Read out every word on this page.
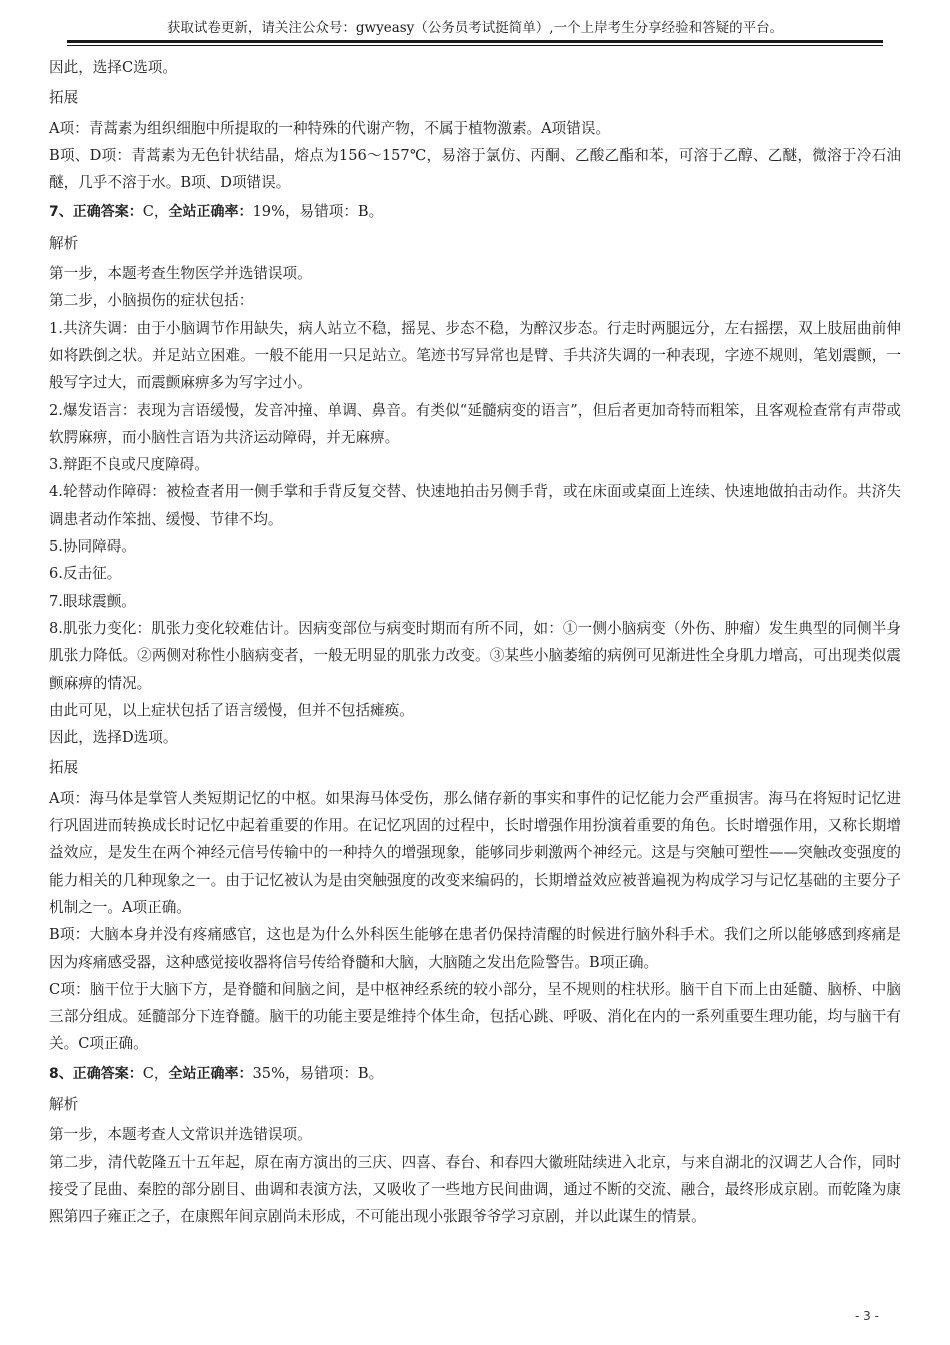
获取试卷更新，请关注公众号：gwyeasy（公务员考试挺简单）,一个上岸考生分享经验和答疑的平台。

因此，选择C选项。

拓展

A项：青蒿素为组织细胞中所提取的一种特殊的代谢产物，不属于植物激素。A项错误。

B项、D项：青蒿素为无色针状结晶，熔点为156～157℃，易溶于氯仿、丙酮、乙酸乙酯和苯，可溶于乙醇、乙醚，微溶于冷石油醚，几乎不溶于水。B项、D项错误。

7、正确答案：C，全站正确率：19%，易错项：B。

解析

第一步，本题考查生物医学并选错误项。

第二步，小脑损伤的症状包括：

1.共济失调：由于小脑调节作用缺失，病人站立不稳，摇晃、步态不稳，为醉汉步态。行走时两腿远分，左右摇摆，双上肢屈曲前伸如将跌倒之状。并足站立困难。一般不能用一只足站立。笔迹书写异常也是臂、手共济失调的一种表现，字迹不规则，笔划震颤，一般写字过大，而震颤麻痹多为写字过小。

2.爆发语言：表现为言语缓慢，发音冲撞、单调、鼻音。有类似“延髓病变的语言”，但后者更加奇特而粗笨，且客观检查常有声带或软腭麻痹，而小脑性言语为共济运动障碍，并无麻痹。

3.辩距不良或尺度障碍。

4.轮替动作障碍：被检查者用一侧手掌和手背反复交替、快速地拍击另侧手背，或在床面或桌面上连续、快速地做拍击动作。共济失调患者动作笨拙、缓慢、节律不均。

5.协同障碍。

6.反击征。

7.眼球震颤。

8.肌张力变化：肌张力变化较难估计。因病变部位与病变时期而有所不同，如：①一侧小脑病变（外伤、肿瘤）发生典型的同侧半身肌张力降低。②两侧对称性小脑病变者，一般无明显的肌张力改变。③某些小脑萎缩的病例可见渐进性全身肌力增高，可出现类似震颤麻痹的情况。

由此可见，以上症状包括了语言缓慢，但并不包括瘫痪。

因此，选择D选项。

拓展

A项：海马体是掌管人类短期记忆的中枢。如果海马体受伤，那么储存新的事实和事件的记忆能力会严重损害。海马在将短时记忆进行巩固进而转换成长时记忆中起着重要的作用。在记忆巩固的过程中，长时增强作用扮演着重要的角色。长时增强作用，又称长期增益效应，是发生在两个神经元信号传输中的一种持久的增强现象，能够同步刺激两个神经元。这是与突触可塑性——突触改变强度的能力相关的几种现象之一。由于记忆被认为是由突触强度的改变来编码的，长期增益效应被普遍视为构成学习与记忆基础的主要分子机制之一。A项正确。

B项：大脑本身并没有疼痛感官，这也是为什么外科医生能够在患者仍保持清醒的时候进行脑外科手术。我们之所以能够感到疼痛是因为疼痛感受器，这种感觉接收器将信号传给脊髓和大脑，大脑随之发出危险警告。B项正确。

C项：脑干位于大脑下方，是脊髓和间脑之间，是中枢神经系统的较小部分，呈不规则的柱状形。脑干自下而上由延髓、脑桥、中脑三部分组成。延髓部分下连脊髓。脑干的功能主要是维持个体生命，包括心跳、呼吸、消化在内的一系列重要生理功能，均与脑干有关。C项正确。

8、正确答案：C，全站正确率：35%，易错项：B。

解析

第一步，本题考查人文常识并选错误项。

第二步，清代乾隆五十五年起，原在南方演出的三庆、四喜、春台、和春四大徽班陆续进入北京，与来自湖北的汉调艺人合作，同时接受了昆曲、秦腔的部分剧目、曲调和表演方法，又吸收了一些地方民间曲调，通过不断的交流、融合，最终形成京剧。而乾隆为康熙第四子雍正之子，在康熙年间京剧尚未形成，不可能出现小张跟爷爷学习京剧，并以此谋生的情景。

- 3 -
